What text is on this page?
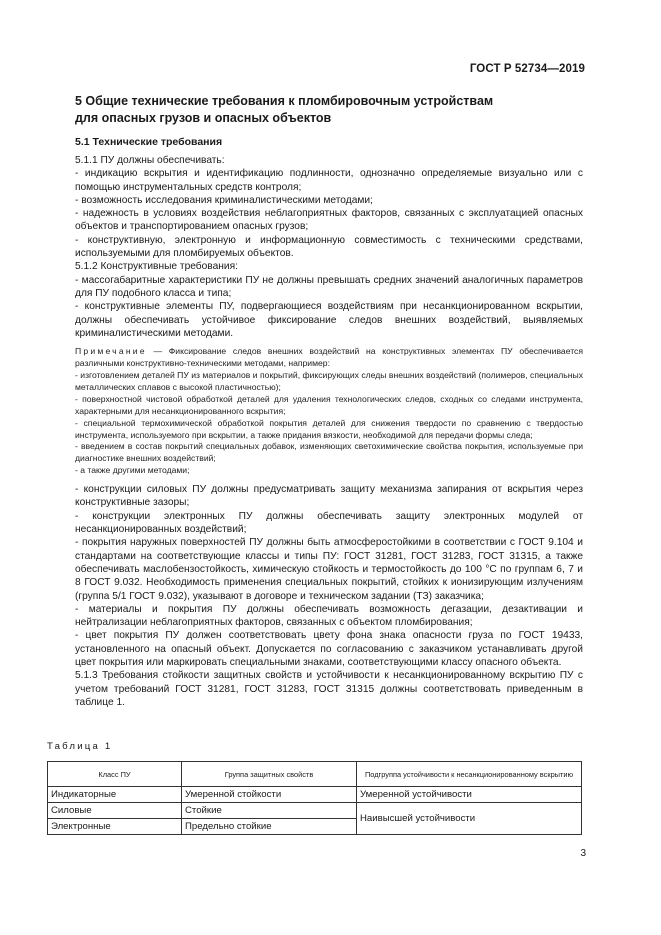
ГОСТ Р 52734—2019
5 Общие технические требования к пломбировочным устройствам
для опасных грузов и опасных объектов
5.1 Технические требования

5.1.1 ПУ должны обеспечивать:

- индикацию вскрытия и идентификацию подлинности, однозначно определяемые визуально или с помощью инструментальных средств контроля;

- возможность исследования криминалистическими методами;

- надежность в условиях воздействия неблагоприятных факторов, связанных с эксплуатацией опасных объектов и транспортированием опасных грузов;

- конструктивную, электронную и информационную совместимость с техническими средствами, используемыми для пломбируемых объектов.

5.1.2 Конструктивные требования:

- массогабаритные характеристики ПУ не должны превышать средних значений аналогичных параметров для ПУ подобного класса и типа;

- конструктивные элементы ПУ, подвергающиеся воздействиям при несанкционированном вскрытии, должны обеспечивать устойчивое фиксирование следов внешних воздействий, выявляемых криминалистическими методами.

Примечание — Фиксирование следов внешних воздействий на конструктивных элементах ПУ обеспечивается различными конструктивно-техническими методами, например:

- изготовлением деталей ПУ из материалов и покрытий, фиксирующих следы внешних воздействий (полимеров, специальных металлических сплавов с высокой пластичностью);

- поверхностной чистовой обработкой деталей для удаления технологических следов, сходных со следами инструмента, характерными для несанкционированного вскрытия;

- специальной термохимической обработкой покрытия деталей для снижения твердости по сравнению с твердостью инструмента, используемого при вскрытии, а также придания вязкости, необходимой для передачи формы следа;

- введением в состав покрытий специальных добавок, изменяющих светохимические свойства покрытия, используемые при диагностике внешних воздействий;

- а также другими методами;

- конструкции силовых ПУ должны предусматривать защиту механизма запирания от вскрытия через конструктивные зазоры;

- конструкции электронных ПУ должны обеспечивать защиту электронных модулей от несанкционированных воздействий;

- покрытия наружных поверхностей ПУ должны быть атмосферостойкими в соответствии с ГОСТ 9.104 и стандартами на соответствующие классы и типы ПУ: ГОСТ 31281, ГОСТ 31283, ГОСТ 31315, а также обеспечивать маслобензостойкость, химическую стойкость и термостойкость до 100 °C по группам 6, 7 и 8 ГОСТ 9.032. Необходимость применения специальных покрытий, стойких к ионизирующим излучениям (группа 5/1 ГОСТ 9.032), указывают в договоре и техническом задании (ТЗ) заказчика;

- материалы и покрытия ПУ должны обеспечивать возможность дегазации, дезактивации и нейтрализации неблагоприятных факторов, связанных с объектом пломбирования;

- цвет покрытия ПУ должен соответствовать цвету фона знака опасности груза по ГОСТ 19433, установленного на опасный объект. Допускается по согласованию с заказчиком устанавливать другой цвет покрытия или маркировать специальными знаками, соответствующими классу опасного объекта.

5.1.3 Требования стойкости защитных свойств и устойчивости к несанкционированному вскрытию ПУ с учетом требований ГОСТ 31281, ГОСТ 31283, ГОСТ 31315 должны соответствовать приведенным в таблице 1.

Таблица 1
Класс ПУ	Группа защитных свойств	Подгруппа устойчивости к несанкционированному вскрытию
Индикаторные	Умеренной стойкости	Умеренной устойчивости
Силовые	Стойкие	Наивысшей устойчивости
Электронные	Предельно стойкие	
3
